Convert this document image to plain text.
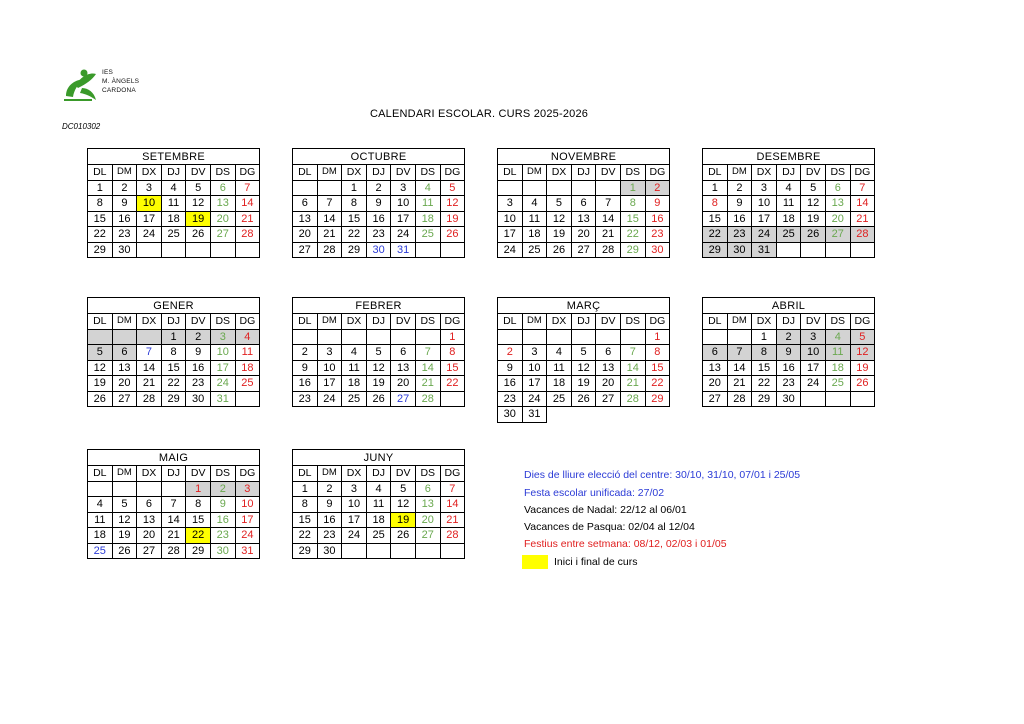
IES
M. ÀNGELS
CARDONA
DC010302
CALENDARI ESCOLAR. CURS 2025-2026
SETEMBRE						
DL	DM	DX	DJ	DV	DS	DG
1	2	3	4	5	6	7
8	9	10	11	12	13	14
15	16	17	18	19	20	21
22	23	24	25	26	27	28
29	30					
OCTUBRE						
DL	DM	DX	DJ	DV	DS	DG
		1	2	3	4	5
6	7	8	9	10	11	12
13	14	15	16	17	18	19
20	21	22	23	24	25	26
27	28	29	30	31		
NOVEMBRE						
DL	DM	DX	DJ	DV	DS	DG
					1	2
3	4	5	6	7	8	9
10	11	12	13	14	15	16
17	18	19	20	21	22	23
24	25	26	27	28	29	30
DESEMBRE						
DL	DM	DX	DJ	DV	DS	DG
1	2	3	4	5	6	7
8	9	10	11	12	13	14
15	16	17	18	19	20	21
22	23	24	25	26	27	28
29	30	31				
GENER						
DL	DM	DX	DJ	DV	DS	DG
			1	2	3	4
5	6	7	8	9	10	11
12	13	14	15	16	17	18
19	20	21	22	23	24	25
26	27	28	29	30	31	
FEBRER						
DL	DM	DX	DJ	DV	DS	DG
						1
2	3	4	5	6	7	8
9	10	11	12	13	14	15
16	17	18	19	20	21	22
23	24	25	26	27	28	
MARÇ						
DL	DM	DX	DJ	DV	DS	DG
						1
2	3	4	5	6	7	8
9	10	11	12	13	14	15
16	17	18	19	20	21	22
23	24	25	26	27	28	29
30	31					
ABRIL						
DL	DM	DX	DJ	DV	DS	DG
		1	2	3	4	5
6	7	8	9	10	11	12
13	14	15	16	17	18	19
20	21	22	23	24	25	26
27	28	29	30			
MAIG						
DL	DM	DX	DJ	DV	DS	DG
				1	2	3
4	5	6	7	8	9	10
11	12	13	14	15	16	17
18	19	20	21	22	23	24
25	26	27	28	29	30	31
JUNY						
DL	DM	DX	DJ	DV	DS	DG
1	2	3	4	5	6	7
8	9	10	11	12	13	14
15	16	17	18	19	20	21
22	23	24	25	26	27	28
29	30					
Dies de lliure elecció del centre: 30/10, 31/10, 07/01 i 25/05
Festa escolar unificada: 27/02
Vacances de Nadal: 22/12 al 06/01
Vacances de Pasqua: 02/04 al 12/04
Festius entre setmana: 08/12, 02/03 i 01/05
Inici i final de curs
